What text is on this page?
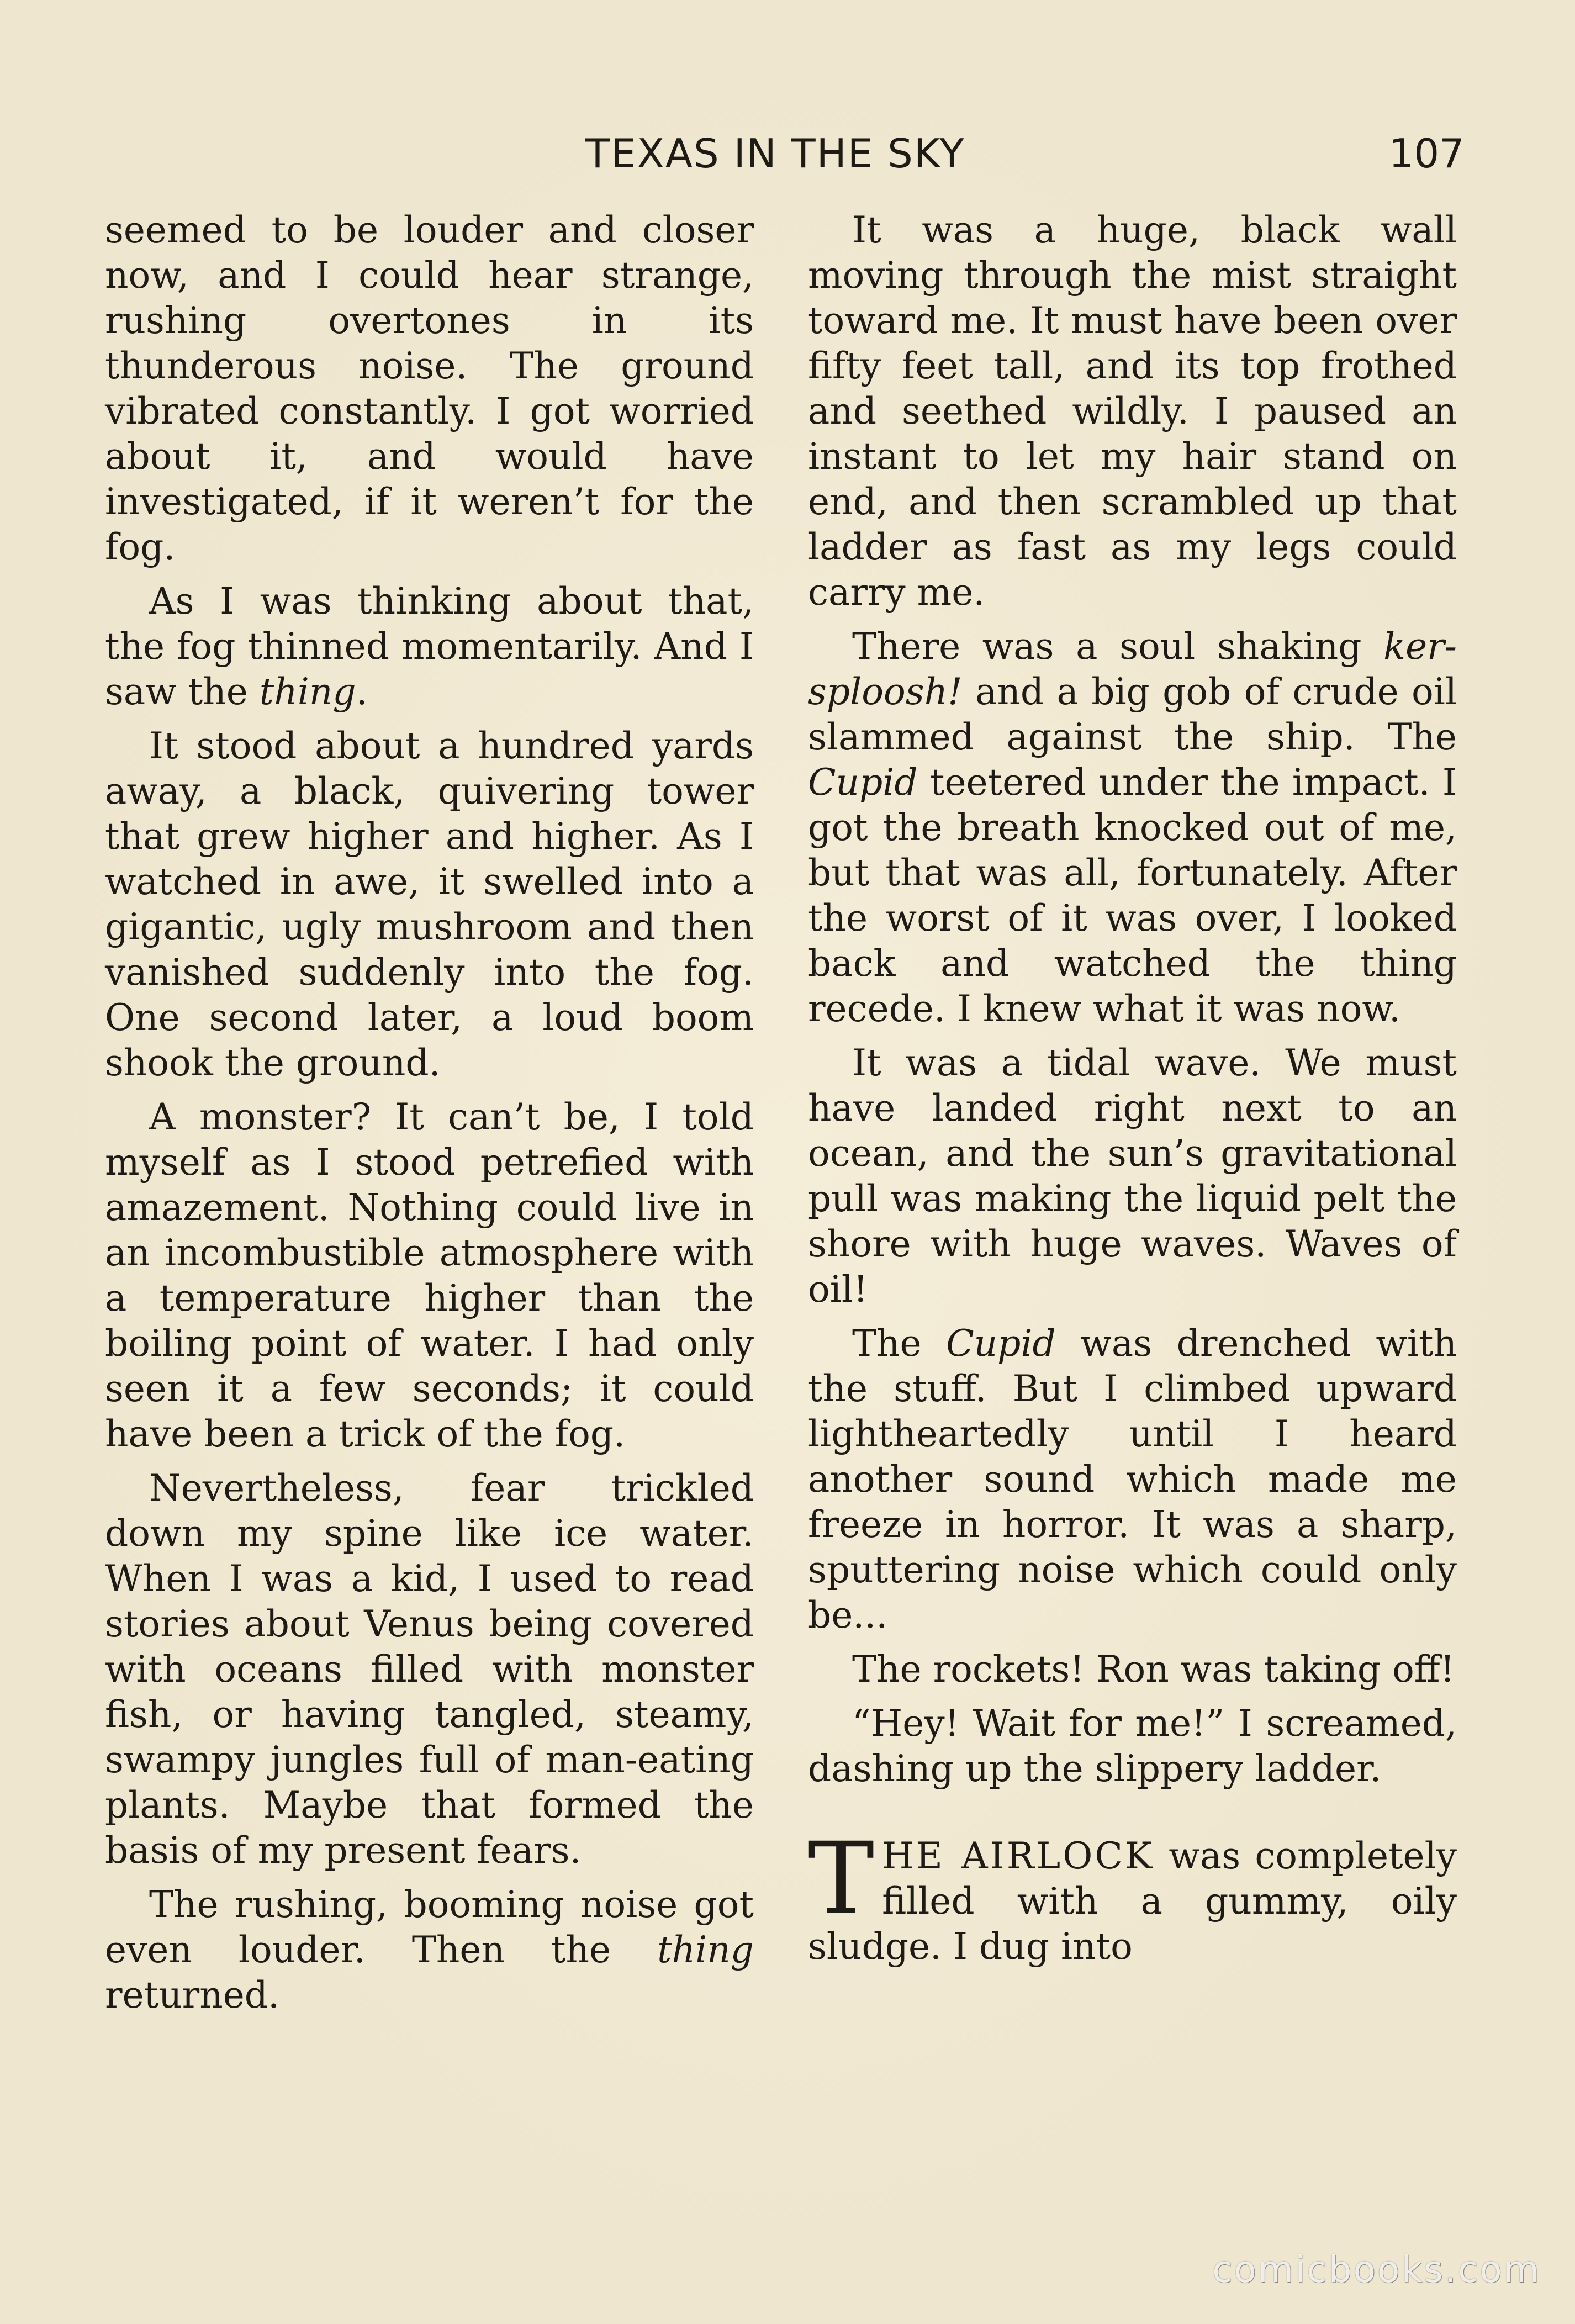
TEXAS IN THE SKY	107

seemed to be louder and closer now, and I could hear strange, rushing overtones in its thunderous noise. The ground vibrated constantly. I got worried about it, and would have investigated, if it weren’t for the fog.

As I was thinking about that, the fog thinned momentarily. And I saw the thing.

It stood about a hundred yards away, a black, quivering tower that grew higher and higher. As I watched in awe, it swelled into a gigantic, ugly mushroom and then vanished suddenly into the fog. One second later, a loud boom shook the ground.

A monster? It can’t be, I told myself as I stood petrefied with amazement. Nothing could live in an incombustible atmosphere with a temperature higher than the boiling point of water. I had only seen it a few seconds; it could have been a trick of the fog.

Nevertheless, fear trickled down my spine like ice water. When I was a kid, I used to read stories about Venus being covered with oceans filled with monster fish, or having tangled, steamy, swampy jungles full of man-eating plants. Maybe that formed the basis of my present fears.

The rushing, booming noise got even louder. Then the thing returned.

It was a huge, black wall moving through the mist straight toward me. It must have been over fifty feet tall, and its top frothed and seethed wildly. I paused an instant to let my hair stand on end, and then scrambled up that ladder as fast as my legs could carry me.

There was a soul shaking ker-sploosh! and a big gob of crude oil slammed against the ship. The Cupid teetered under the impact. I got the breath knocked out of me, but that was all, fortunately. After the worst of it was over, I looked back and watched the thing recede. I knew what it was now.

It was a tidal wave. We must have landed right next to an ocean, and the sun’s gravitational pull was making the liquid pelt the shore with huge waves. Waves of oil!

The Cupid was drenched with the stuff. But I climbed upward lightheartedly until I heard another sound which made me freeze in horror. It was a sharp, sputtering noise which could only be...

The rockets! Ron was taking off!

“Hey! Wait for me!” I screamed, dashing up the slippery ladder.

THE AIRLOCK was completely filled with a gummy, oily sludge. I dug into

comicbooks.com
